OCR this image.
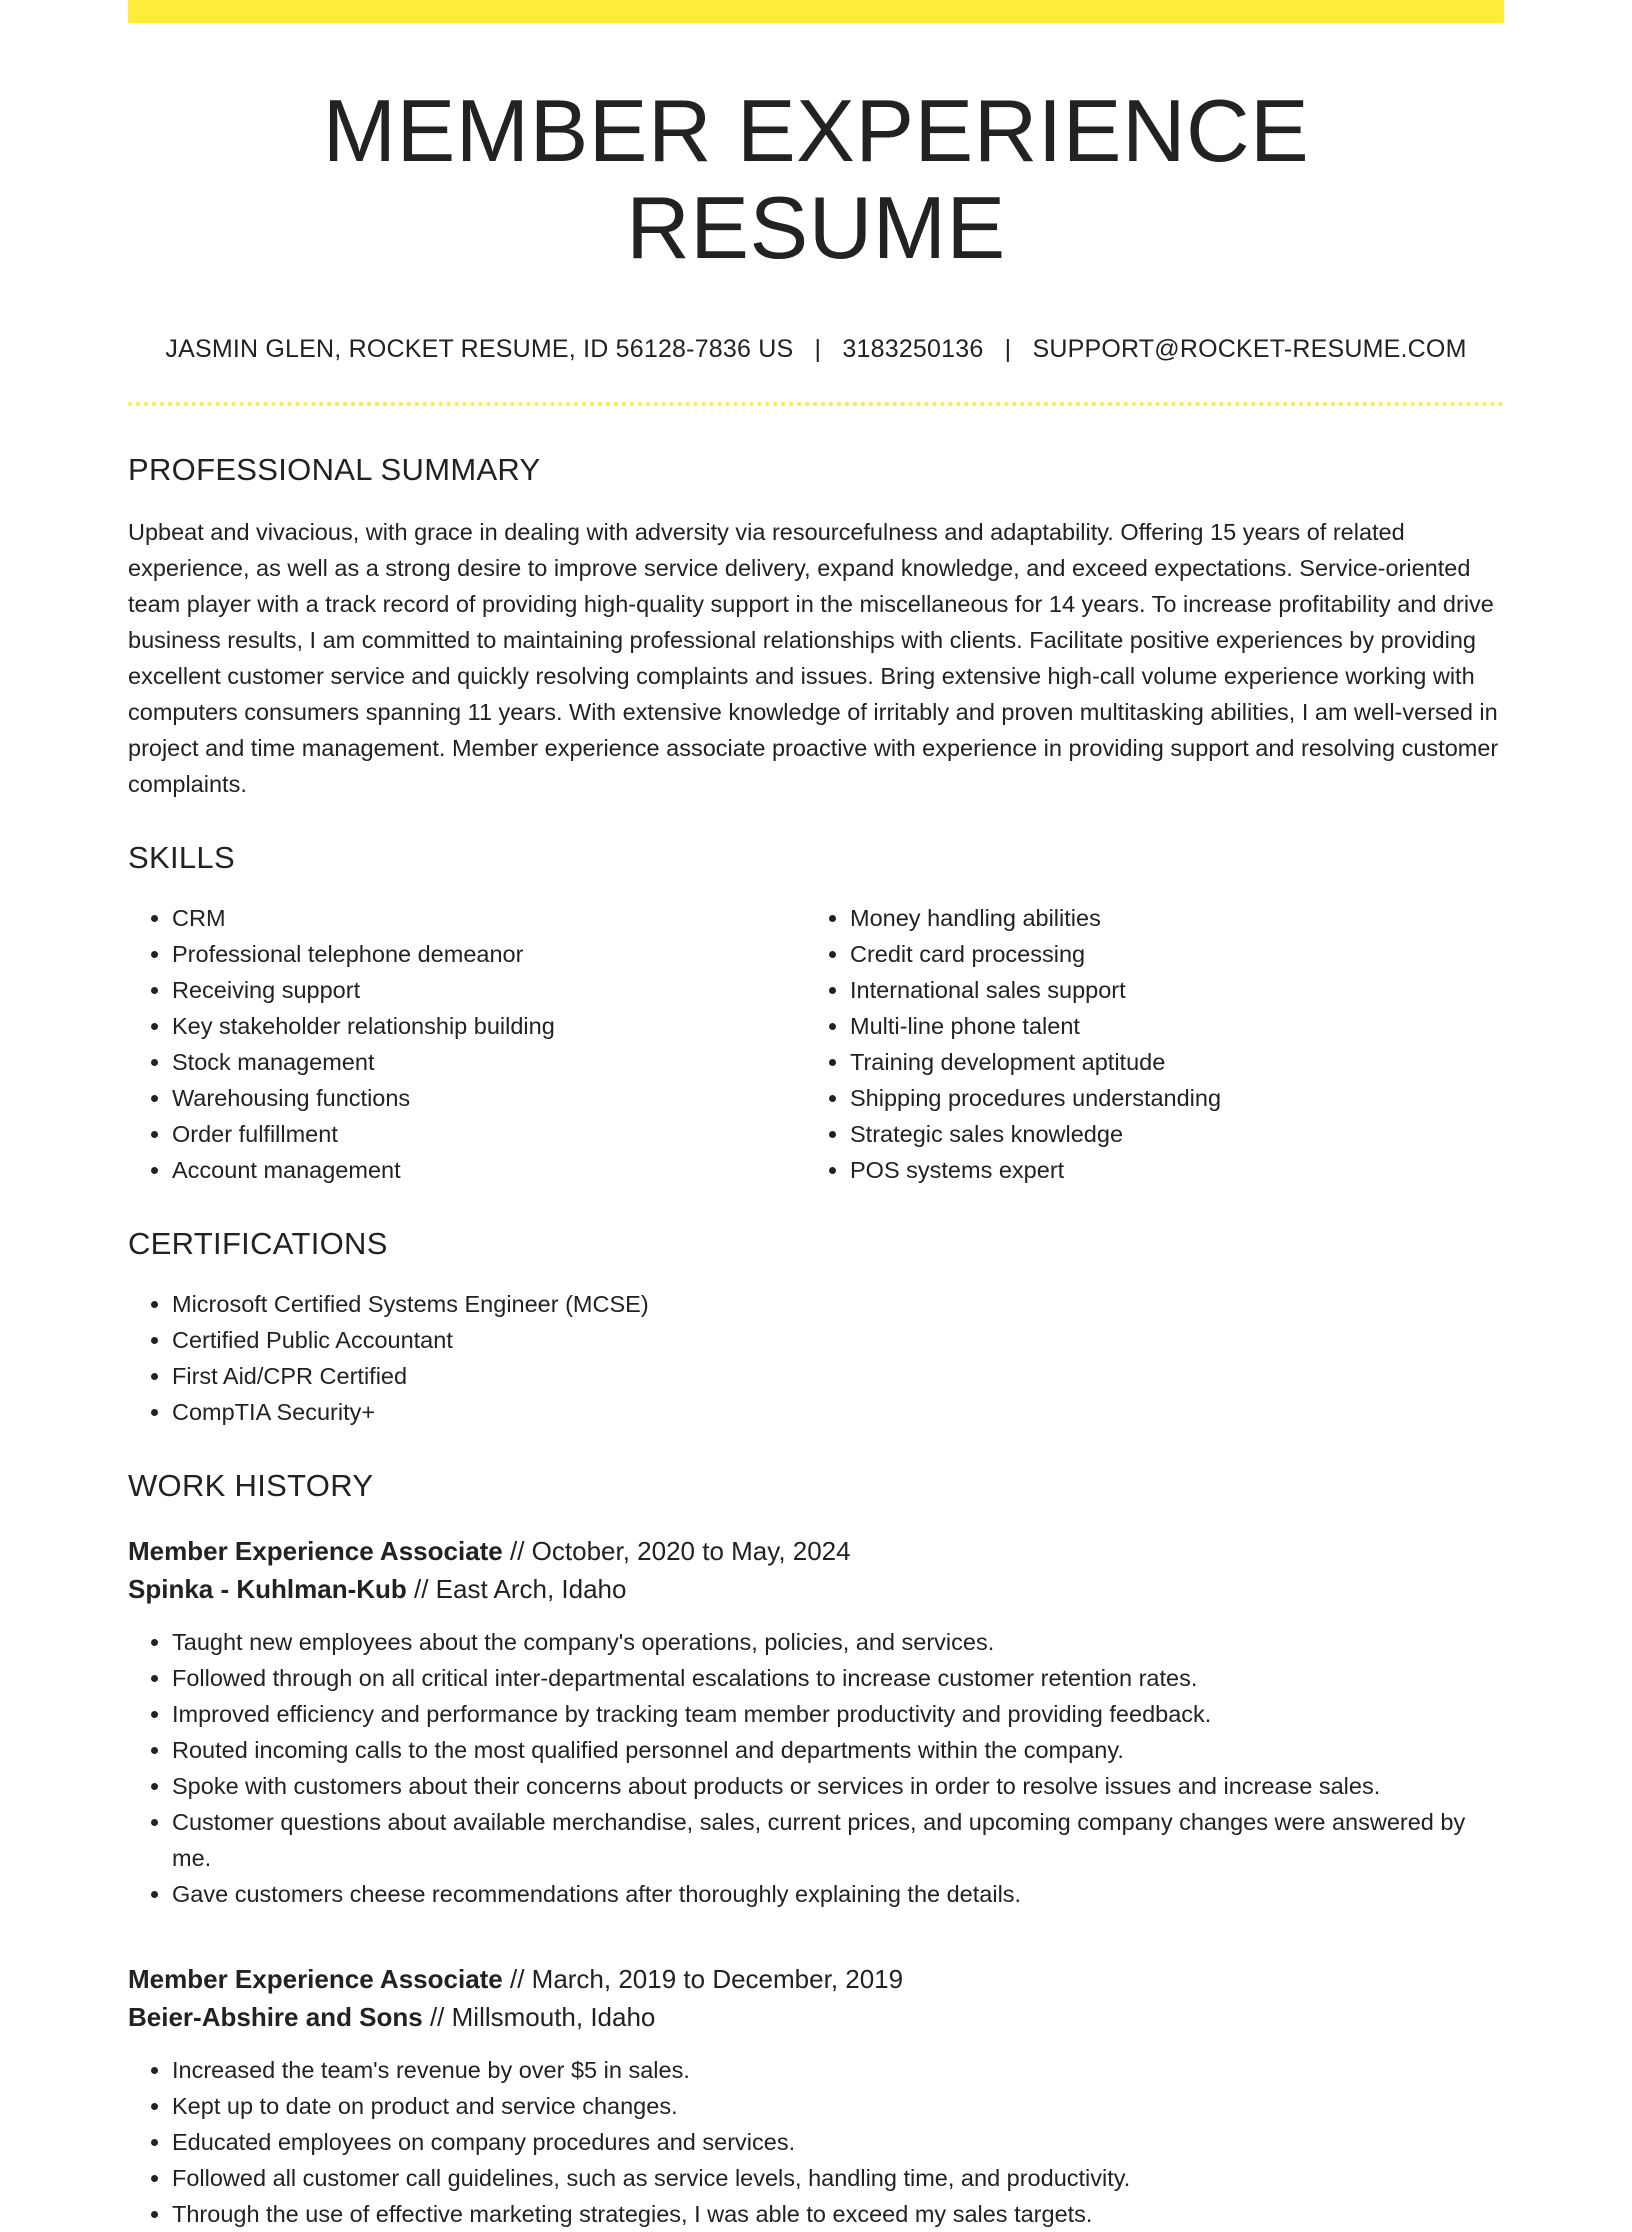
MEMBER EXPERIENCE RESUME
JASMIN GLEN, ROCKET RESUME, ID 56128-7836 US | 3183250136 | SUPPORT@ROCKET-RESUME.COM
PROFESSIONAL SUMMARY

Upbeat and vivacious, with grace in dealing with adversity via resourcefulness and adaptability. Offering 15 years of related experience, as well as a strong desire to improve service delivery, expand knowledge, and exceed expectations. Service-oriented team player with a track record of providing high-quality support in the miscellaneous for 14 years. To increase profitability and drive business results, I am committed to maintaining professional relationships with clients. Facilitate positive experiences by providing excellent customer service and quickly resolving complaints and issues. Bring extensive high-call volume experience working with computers consumers spanning 11 years. With extensive knowledge of irritably and proven multitasking abilities, I am well-versed in project and time management. Member experience associate proactive with experience in providing support and resolving customer complaints.

SKILLS
• CRM
• Professional telephone demeanor
• Receiving support
• Key stakeholder relationship building
• Stock management
• Warehousing functions
• Order fulfillment
• Account management
• Money handling abilities
• Credit card processing
• International sales support
• Multi-line phone talent
• Training development aptitude
• Shipping procedures understanding
• Strategic sales knowledge
• POS systems expert
CERTIFICATIONS
• Microsoft Certified Systems Engineer (MCSE)
• Certified Public Accountant
• First Aid/CPR Certified
• CompTIA Security+
WORK HISTORY
Member Experience Associate // October, 2020 to May, 2024
Spinka - Kuhlman-Kub // East Arch, Idaho
• Taught new employees about the company's operations, policies, and services.
• Followed through on all critical inter-departmental escalations to increase customer retention rates.
• Improved efficiency and performance by tracking team member productivity and providing feedback.
• Routed incoming calls to the most qualified personnel and departments within the company.
• Spoke with customers about their concerns about products or services in order to resolve issues and increase sales.
• Customer questions about available merchandise, sales, current prices, and upcoming company changes were answered by me.
• Gave customers cheese recommendations after thoroughly explaining the details.
Member Experience Associate // March, 2019 to December, 2019
Beier-Abshire and Sons // Millsmouth, Idaho
• Increased the team's revenue by over $5 in sales.
• Kept up to date on product and service changes.
• Educated employees on company procedures and services.
• Followed all customer call guidelines, such as service levels, handling time, and productivity.
• Through the use of effective marketing strategies, I was able to exceed my sales targets.
